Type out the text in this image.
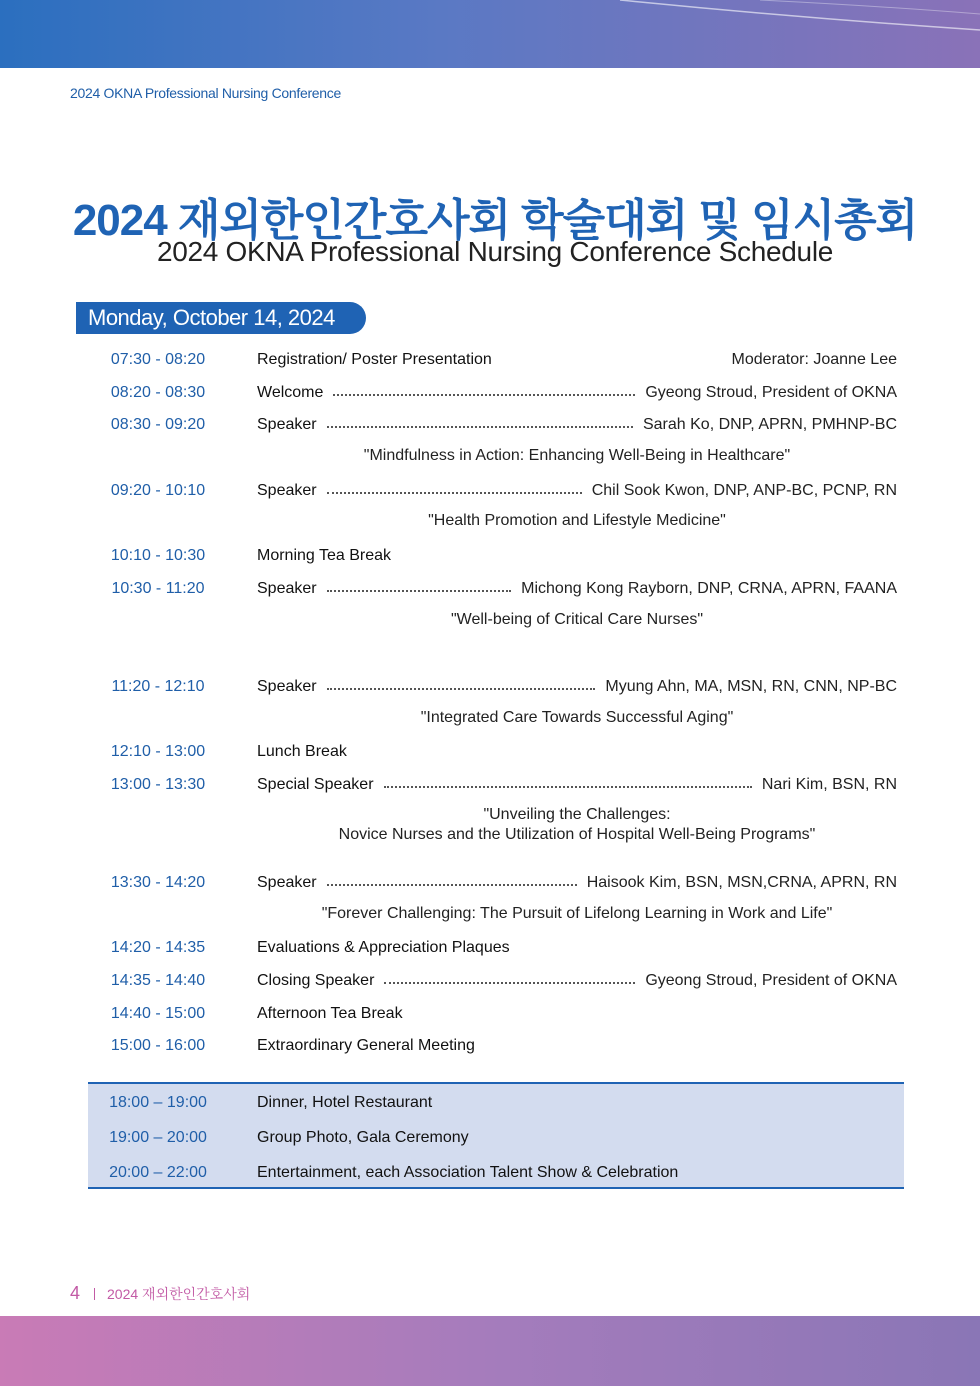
2024 OKNA Professional Nursing Conference
2024 재외한인간호사회 학술대회 및 임시총회
2024 OKNA Professional Nursing Conference Schedule
Monday, October 14, 2024
07:30 - 08:20	Registration/ Poster Presentation	Moderator: Joanne Lee
08:20 - 08:30	Welcome	Gyeong Stroud, President of OKNA
08:30 - 09:20	Speaker	Sarah Ko, DNP, APRN, PMHNP-BC
"Mindfulness in Action: Enhancing Well-Being in Healthcare"
09:20 - 10:10	Speaker	Chil Sook Kwon, DNP, ANP-BC, PCNP, RN
"Health Promotion and Lifestyle Medicine"
10:10 - 10:30	Morning Tea Break
10:30 - 11:20	Speaker	Michong Kong Rayborn, DNP, CRNA, APRN, FAANA
"Well-being of Critical Care Nurses"
11:20 - 12:10	Speaker	Myung Ahn, MA, MSN, RN, CNN, NP-BC
"Integrated Care Towards Successful Aging"
12:10 - 13:00	Lunch Break
13:00 - 13:30	Special Speaker	Nari Kim, BSN, RN
"Unveiling the Challenges:
Novice Nurses and the Utilization of Hospital Well-Being Programs"
13:30 - 14:20	Speaker	Haisook Kim, BSN, MSN,CRNA, APRN, RN
"Forever Challenging: The Pursuit of Lifelong Learning in Work and Life"
14:20 - 14:35	Evaluations & Appreciation Plaques
14:35 - 14:40	Closing Speaker	Gyeong Stroud, President of OKNA
14:40 - 15:00	Afternoon Tea Break
15:00 - 16:00	Extraordinary General Meeting
18:00 – 19:00	Dinner, Hotel Restaurant
19:00 – 20:00	Group Photo, Gala Ceremony
20:00 – 22:00	Entertainment, each Association Talent Show & Celebration
4 2024 재외한인간호사회
